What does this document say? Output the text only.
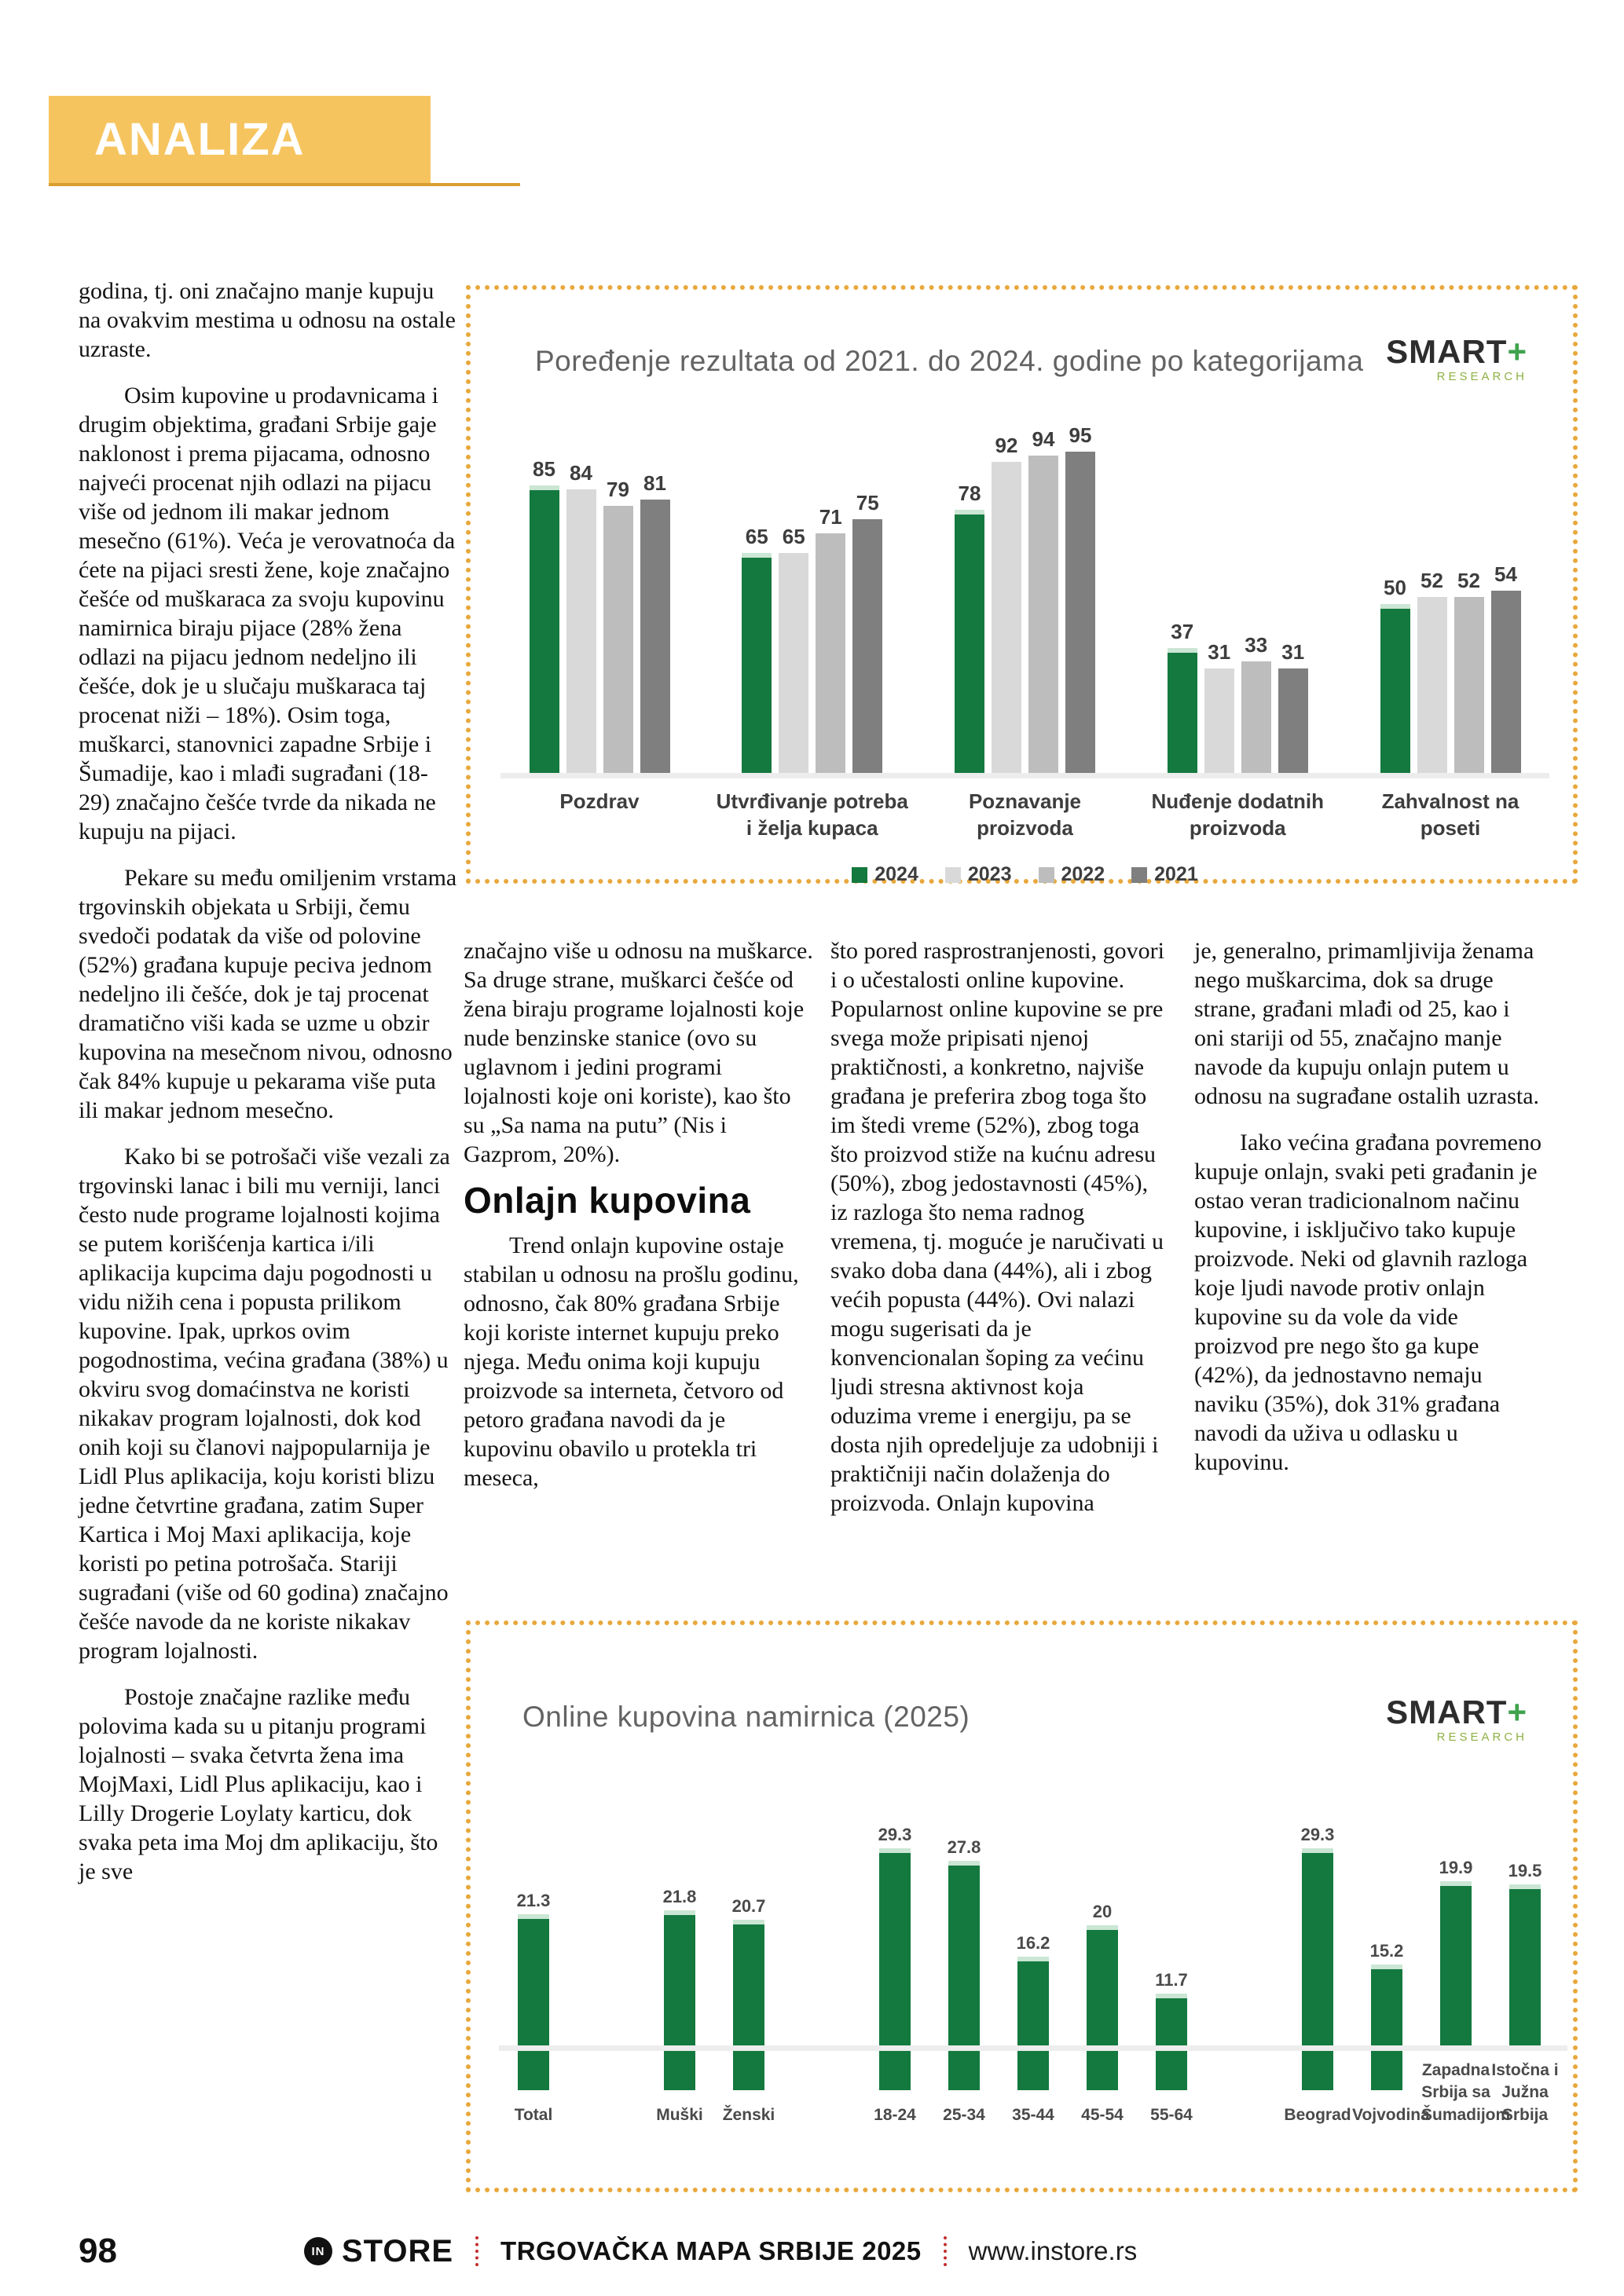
ANALIZA

godina, tj. oni značajno manje kupuju na ovakvim mestima u odnosu na ostale uzraste.

Osim kupovine u prodavnicama i drugim objektima, građani Srbije gaje naklonost i prema pijacama, odnosno najveći procenat njih odlazi na pijacu više od jednom ili makar jednom mesečno (61%). Veća je verovatnoća da ćete na pijaci sresti žene, koje značajno češće od muškaraca za svoju kupovinu namirnica biraju pijace (28% žena odlazi na pijacu jednom nedeljno ili češće, dok je u slučaju muškaraca taj procenat niži – 18%). Osim toga, muškarci, stanovnici zapadne Srbije i Šumadije, kao i mlađi sugrađani (18-29) značajno češće tvrde da nikada ne kupuju na pijaci.

Pekare su među omiljenim vrstama trgovinskih objekata u Srbiji, čemu svedoči podatak da više od polovine (52%) građana kupuje peciva jednom nedeljno ili češće, dok je taj procenat dramatično viši kada se uzme u obzir kupovina na mesečnom nivou, odnosno čak 84% kupuje u pekarama više puta ili makar jednom mesečno.

Kako bi se potrošači više vezali za trgovinski lanac i bili mu verniji, lanci često nude programe lojalnosti kojima se putem korišćenja kartica i/ili aplikacija kupcima daju pogodnosti u vidu nižih cena i popusta prilikom kupovine. Ipak, uprkos ovim pogodnostima, većina građana (38%) u okviru svog domaćinstva ne koristi nikakav program lojalnosti, dok kod onih koji su članovi najpopularnija je Lidl Plus aplikacija, koju koristi blizu jedne četvrtine građana, zatim Super Kartica i Moj Maxi aplikacija, koje koristi po petina potrošača. Stariji sugrađani (više od 60 godina) značajno češće navode da ne koriste nikakav program lojalnosti.

Postoje značajne razlike među polovima kada su u pitanju programi lojalnosti – svaka četvrta žena ima MojMaxi, Lidl Plus aplikaciju, kao i Lilly Drogerie Loylaty karticu, dok svaka peta ima Moj dm aplikaciju, što je sve

Poređenje rezultata od 2021. do 2024. godine po kategorijama SMART+
RESEARCH
85 84
79 81
Pozdrav
65 65
71
75
Utvrđivanje potreba i želja kupaca
78
92 94 95
Poznavanje proizvoda
37
31 33 31
Nuđenje dodatnih proizvoda
50 52 52 54
Zahvalnost na poseti
2024	2023	2022	2021

značajno više u odnosu na muškarce. Sa druge strane, muškarci češće od žena biraju programe lojalnosti koje nude benzinske stanice (ovo su uglavnom i jedini programi lojalnosti koje oni koriste), kao što su „Sa nama na putu” (Nis i Gazprom, 20%).

Onlajn kupovina

Trend onlajn kupovine ostaje stabilan u odnosu na prošlu godinu, odnosno, čak 80% građana Srbije koji koriste internet kupuju preko njega. Među onima koji kupuju proizvode sa interneta, četvoro od petoro građana navodi da je kupovinu obavilo u protekla tri meseca,

što pored rasprostranjenosti, govori i o učestalosti online kupovine. Popularnost online kupovine se pre svega može pripisati njenoj praktičnosti, a konkretno, najviše građana je preferira zbog toga što im štedi vreme (52%), zbog toga što proizvod stiže na kućnu adresu (50%), zbog jedostavnosti (45%), iz razloga što nema radnog vremena, tj. moguće je naručivati u svako doba dana (44%), ali i zbog većih popusta (44%). Ovi nalazi mogu sugerisati da je konvencionalan šoping za većinu ljudi stresna aktivnost koja oduzima vreme i energiju, pa se dosta njih opredeljuje za udobniji i praktičniji način dolaženja do proizvoda. Onlajn kupovina

je, generalno, primamljivija ženama nego muškarcima, dok sa druge strane, građani mlađi od 25, kao i oni stariji od 55, značajno manje navode da kupuju onlajn putem u odnosu na sugrađane ostalih uzrasta.

Iako većina građana povremeno kupuje onlajn, svaki peti građanin je ostao veran tradicionalnom načinu kupovine, i isključivo tako kupuje proizvode. Neki od glavnih razloga koje ljudi navode protiv onlajn kupovine su da vole da vide proizvod pre nego što ga kupe (42%), da jednostavno nemaju naviku (35%), dok 31% građana navodi da uživa u odlasku u kupovinu.

Online kupovina namirnica (2025)	SMART+
RESEARCH
21.3
Total
21.8
Muški
20.7
Ženski
29.3
18-24
27.8
25-34
16.2
35-44
20
45-54
11.7
55-64
29.3
Beograd
15.2
Vojvodina
19.9
Zapadna Srbija sa Šumadijom
19.5
Istočna i Južna Srbija
98	IN STORE TRGOVAČKA MAPA SRBIJE 2025 www.instore.rs
